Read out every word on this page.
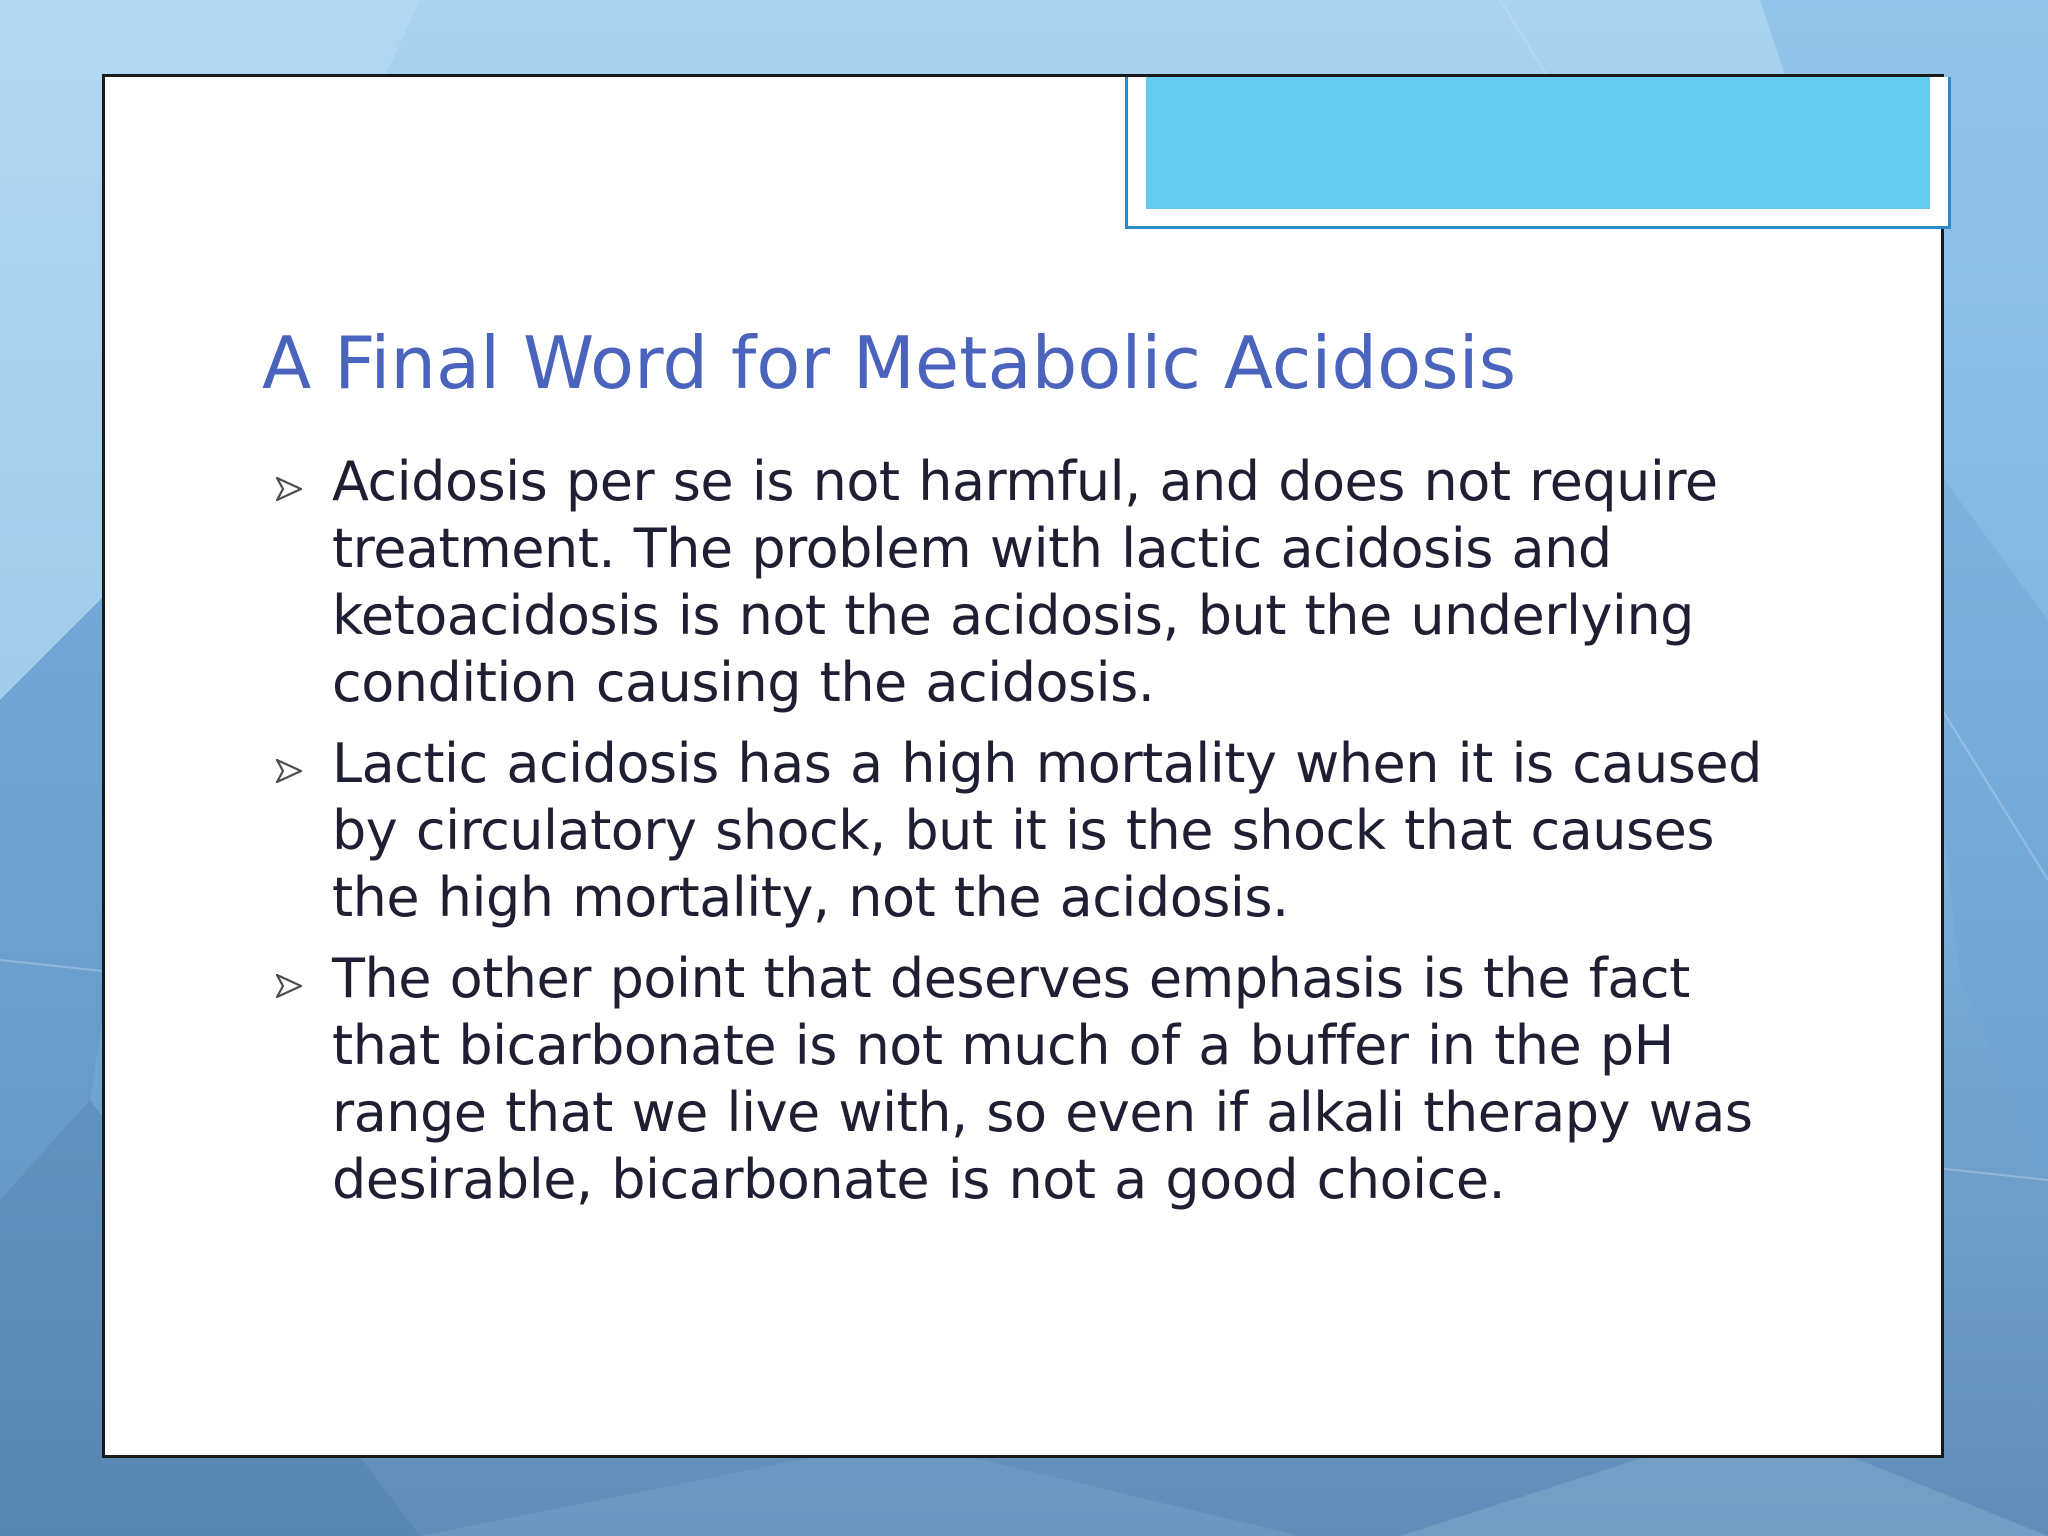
A Final Word for Metabolic Acidosis
Acidosis per se is not harmful, and does not require treatment. The problem with lactic acidosis and ketoacidosis is not the acidosis, but the underlying condition causing the acidosis.
Lactic acidosis has a high mortality when it is caused by circulatory shock, but it is the shock that causes the high mortality, not the acidosis.
The other point that deserves emphasis is the fact that bicarbonate is not much of a buffer in the pH range that we live with, so even if alkali therapy was desirable, bicarbonate is not a good choice.
